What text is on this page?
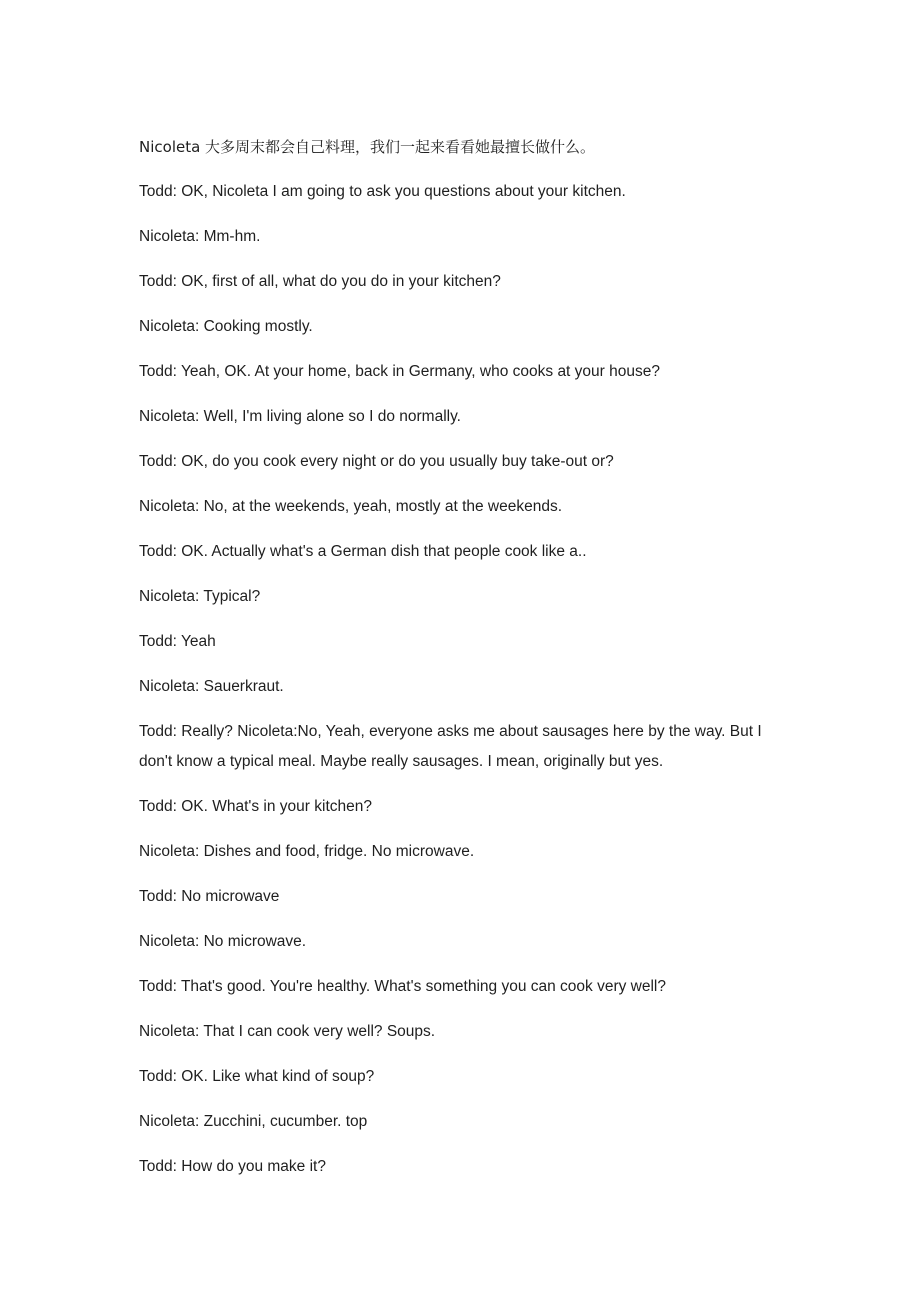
Nicoleta 大多周末都会自己料理，我们一起来看看她最擅长做什么。

Todd: OK, Nicoleta I am going to ask you questions about your kitchen.

Nicoleta: Mm-hm.

Todd: OK, first of all, what do you do in your kitchen?

Nicoleta: Cooking mostly.

Todd: Yeah, OK. At your home, back in Germany, who cooks at your house?

Nicoleta: Well, I'm living alone so I do normally.

Todd: OK, do you cook every night or do you usually buy take-out or?

Nicoleta: No, at the weekends, yeah, mostly at the weekends.

Todd: OK. Actually what's a German dish that people cook like a..

Nicoleta: Typical?

Todd: Yeah

Nicoleta: Sauerkraut.

Todd: Really? Nicoleta:No, Yeah, everyone asks me about sausages here by the way. But I don't know a typical meal. Maybe really sausages. I mean, originally but yes.

Todd: OK. What's in your kitchen?

Nicoleta: Dishes and food, fridge. No microwave.

Todd: No microwave

Nicoleta: No microwave.

Todd: That's good. You're healthy. What's something you can cook very well?

Nicoleta: That I can cook very well? Soups.

Todd: OK. Like what kind of soup?

Nicoleta: Zucchini, cucumber. top

Todd: How do you make it?
